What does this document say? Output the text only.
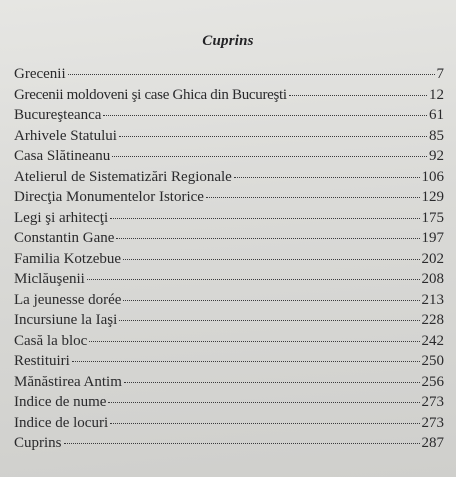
Cuprins
Grecenii	7
Grecenii moldoveni şi case Ghica din Bucureşti	12
Bucureşteanca	61
Arhivele Statului	85
Casa Slătineanu	92
Atelierul de Sistematizări Regionale	106
Direcţia Monumentelor Istorice	129
Legi şi arhitecţi	175
Constantin Gane	197
Familia Kotzebue	202
Miclăuşenii	208
La jeunesse dorée	213
Incursiune la Iaşi	228
Casă la bloc	242
Restituiri	250
Mănăstirea Antim	256
Indice de nume	273
Indice de locuri	273
Cuprins	287
